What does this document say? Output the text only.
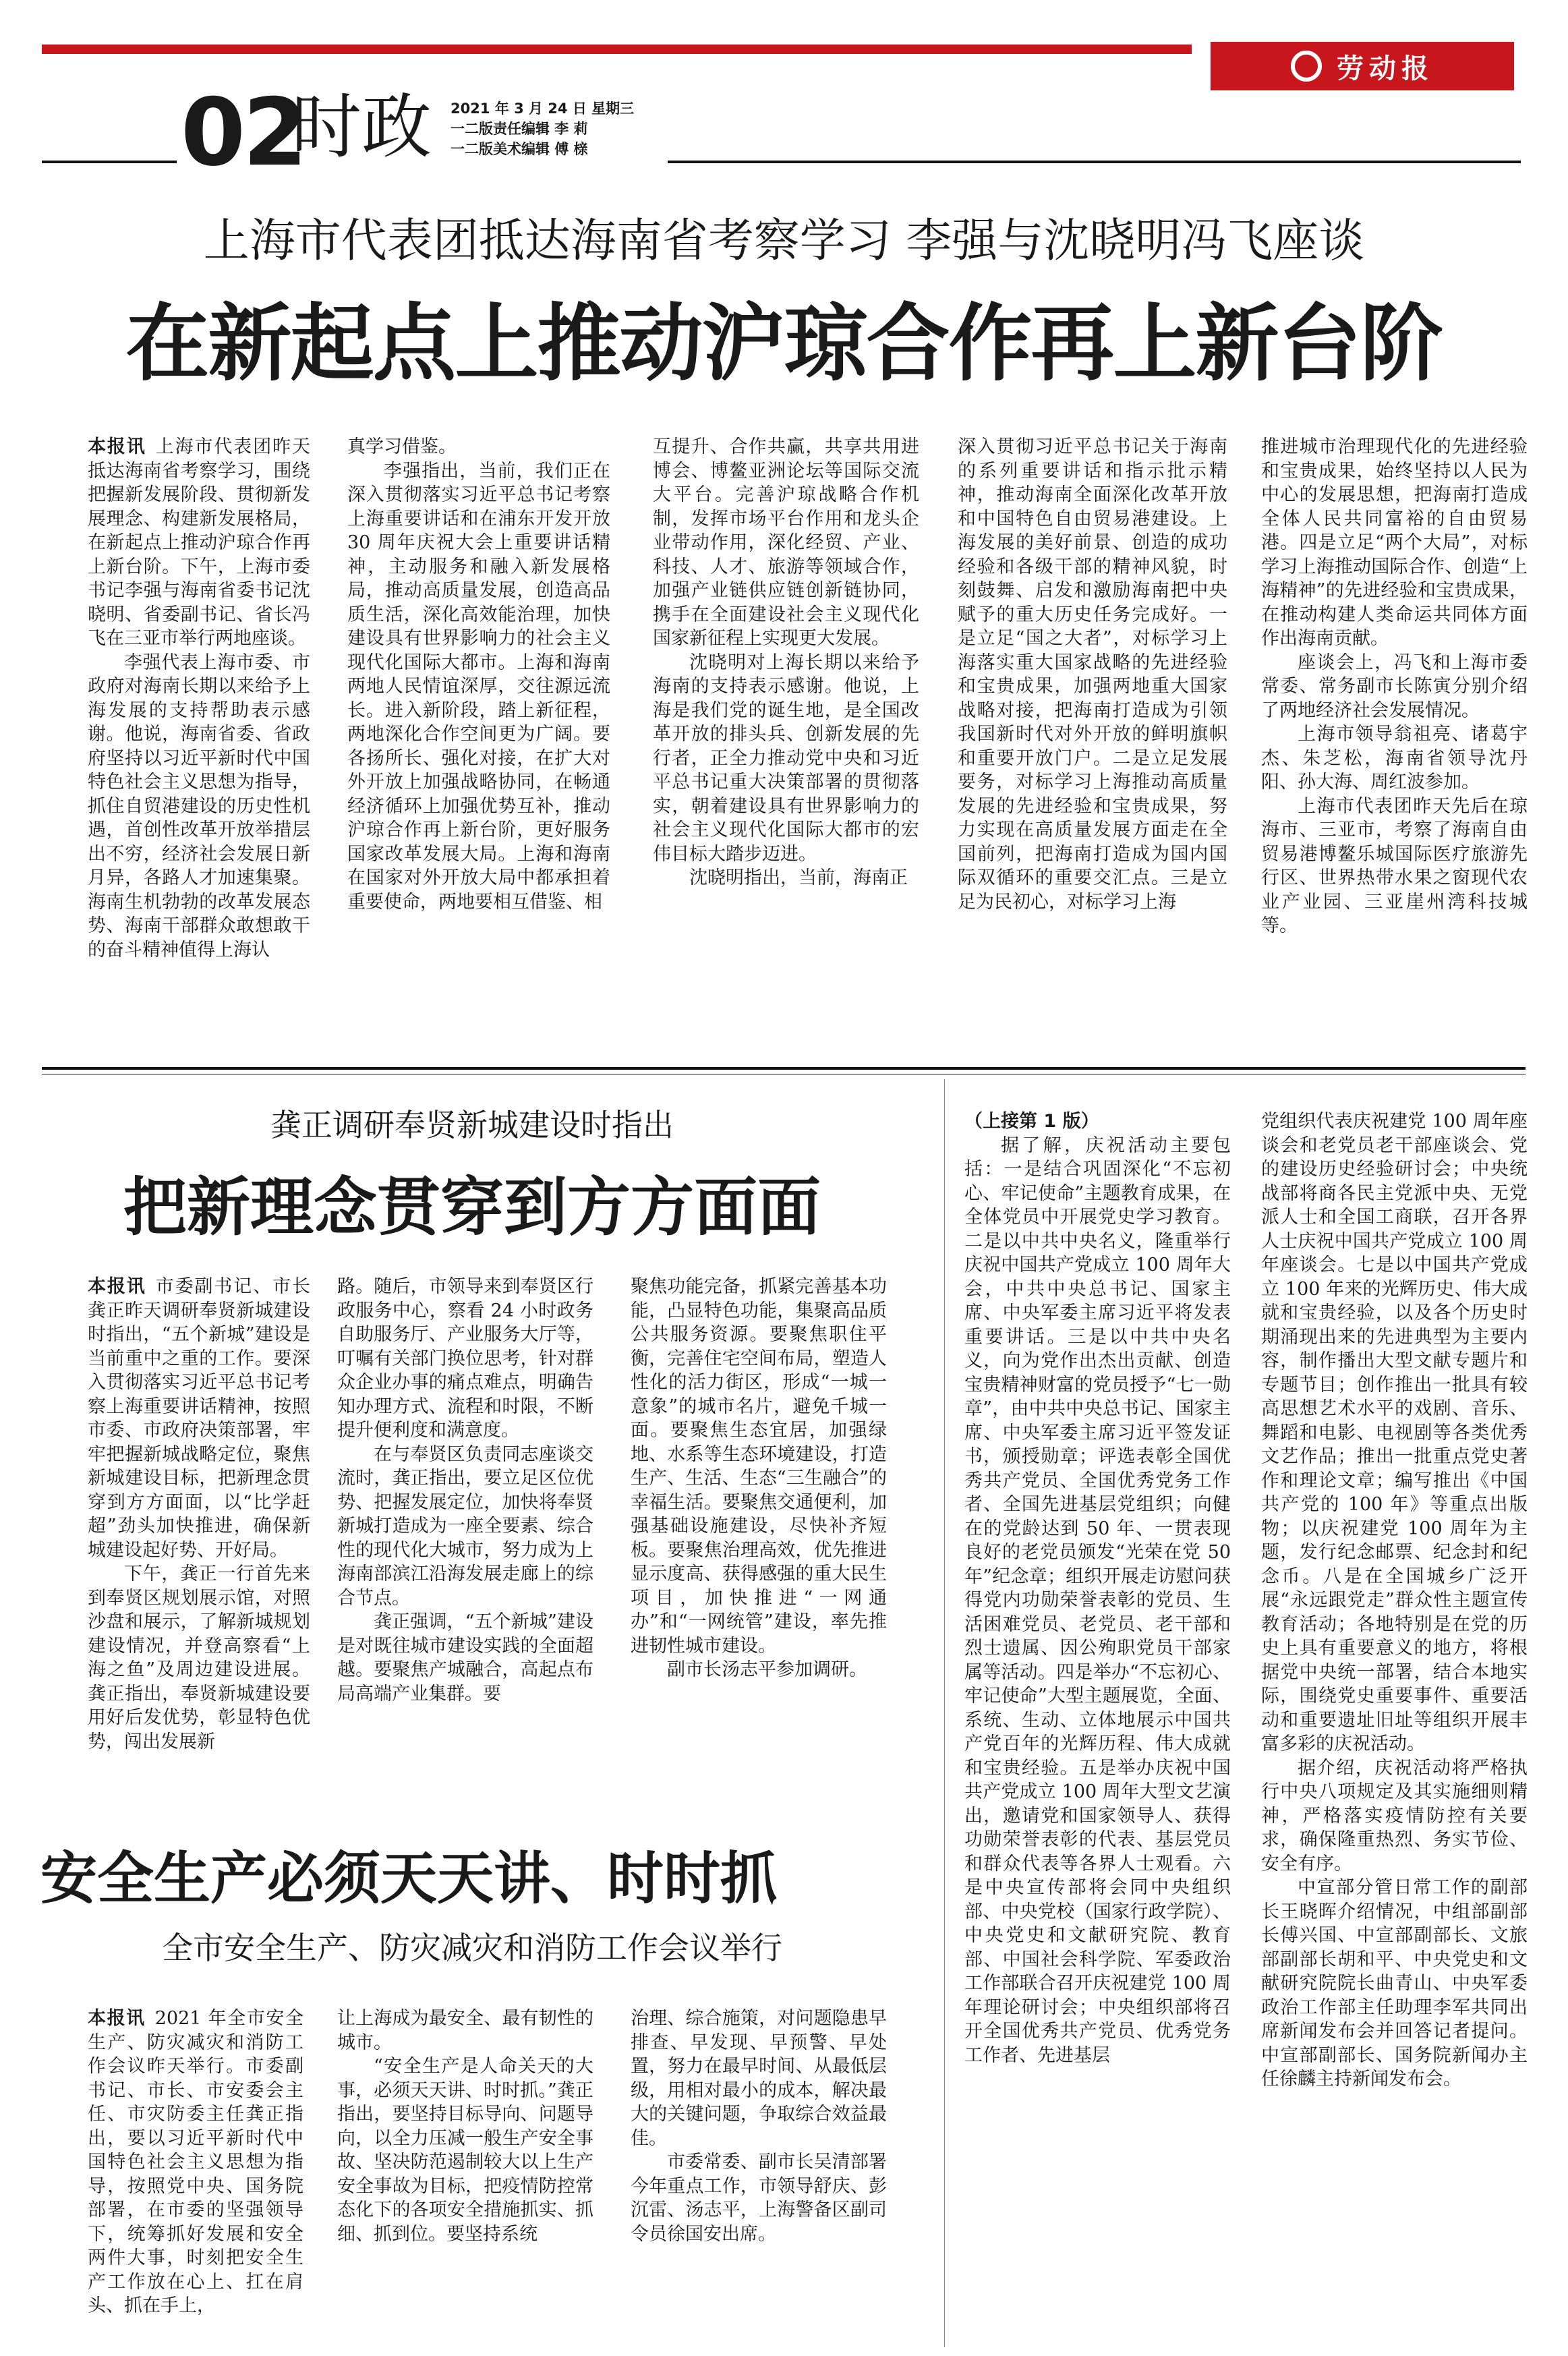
劳动报
02
时政 2021 年 3 月 24 日 星期三
一二版责任编辑 李 莉
一二版美术编辑 傅 榇
上海市代表团抵达海南省考察学习 李强与沈晓明冯飞座谈
在新起点上推动沪琼合作再上新台阶

本报讯 上海市代表团昨天抵达海南省考察学习，围绕把握新发展阶段、贯彻新发展理念、构建新发展格局，在新起点上推动沪琼合作再上新台阶。下午，上海市委书记李强与海南省委书记沈晓明、省委副书记、省长冯飞在三亚市举行两地座谈。

李强代表上海市委、市政府对海南长期以来给予上海发展的支持帮助表示感谢。他说，海南省委、省政府坚持以习近平新时代中国特色社会主义思想为指导，抓住自贸港建设的历史性机遇，首创性改革开放举措层出不穷，经济社会发展日新月异，各路人才加速集聚。海南生机勃勃的改革发展态势、海南干部群众敢想敢干的奋斗精神值得上海认

真学习借鉴。

李强指出，当前，我们正在深入贯彻落实习近平总书记考察上海重要讲话和在浦东开发开放 30 周年庆祝大会上重要讲话精神，主动服务和融入新发展格局，推动高质量发展，创造高品质生活，深化高效能治理，加快建设具有世界影响力的社会主义现代化国际大都市。上海和海南两地人民情谊深厚，交往源远流长。进入新阶段，踏上新征程，两地深化合作空间更为广阔。要各扬所长、强化对接，在扩大对外开放上加强战略协同，在畅通经济循环上加强优势互补，推动沪琼合作再上新台阶，更好服务国家改革发展大局。上海和海南在国家对外开放大局中都承担着重要使命，两地要相互借鉴、相

互提升、合作共赢，共享共用进博会、博鳌亚洲论坛等国际交流大平台。完善沪琼战略合作机制，发挥市场平台作用和龙头企业带动作用，深化经贸、产业、科技、人才、旅游等领域合作，加强产业链供应链创新链协同，携手在全面建设社会主义现代化国家新征程上实现更大发展。

沈晓明对上海长期以来给予海南的支持表示感谢。他说，上海是我们党的诞生地，是全国改革开放的排头兵、创新发展的先行者，正全力推动党中央和习近平总书记重大决策部署的贯彻落实，朝着建设具有世界影响力的社会主义现代化国际大都市的宏伟目标大踏步迈进。

沈晓明指出，当前，海南正

深入贯彻习近平总书记关于海南的系列重要讲话和指示批示精神，推动海南全面深化改革开放和中国特色自由贸易港建设。上海发展的美好前景、创造的成功经验和各级干部的精神风貌，时刻鼓舞、启发和激励海南把中央赋予的重大历史任务完成好。一是立足“国之大者”，对标学习上海落实重大国家战略的先进经验和宝贵成果，加强两地重大国家战略对接，把海南打造成为引领我国新时代对外开放的鲜明旗帜和重要开放门户。二是立足发展要务，对标学习上海推动高质量发展的先进经验和宝贵成果，努力实现在高质量发展方面走在全国前列，把海南打造成为国内国际双循环的重要交汇点。三是立足为民初心，对标学习上海

推进城市治理现代化的先进经验和宝贵成果，始终坚持以人民为中心的发展思想，把海南打造成全体人民共同富裕的自由贸易港。四是立足“两个大局”，对标学习上海推动国际合作、创造“上海精神”的先进经验和宝贵成果，在推动构建人类命运共同体方面作出海南贡献。

座谈会上，冯飞和上海市委常委、常务副市长陈寅分别介绍了两地经济社会发展情况。

上海市领导翁祖亮、诸葛宇杰、朱芝松，海南省领导沈丹阳、孙大海、周红波参加。

上海市代表团昨天先后在琼海市、三亚市，考察了海南自由贸易港博鳌乐城国际医疗旅游先行区、世界热带水果之窗现代农业产业园、三亚崖州湾科技城等。

龚正调研奉贤新城建设时指出
把新理念贯穿到方方面面

本报讯 市委副书记、市长龚正昨天调研奉贤新城建设时指出，“五个新城”建设是当前重中之重的工作。要深入贯彻落实习近平总书记考察上海重要讲话精神，按照市委、市政府决策部署，牢牢把握新城战略定位，聚焦新城建设目标，把新理念贯穿到方方面面，以“比学赶超”劲头加快推进，确保新城建设起好势、开好局。

下午，龚正一行首先来到奉贤区规划展示馆，对照沙盘和展示，了解新城规划建设情况，并登高察看“上海之鱼”及周边建设进展。龚正指出，奉贤新城建设要用好后发优势，彰显特色优势，闯出发展新

路。随后，市领导来到奉贤区行政服务中心，察看 24 小时政务自助服务厅、产业服务大厅等，叮嘱有关部门换位思考，针对群众企业办事的痛点难点，明确告知办理方式、流程和时限，不断提升便利度和满意度。

在与奉贤区负责同志座谈交流时，龚正指出，要立足区位优势、把握发展定位，加快将奉贤新城打造成为一座全要素、综合性的现代化大城市，努力成为上海南部滨江沿海发展走廊上的综合节点。

龚正强调，“五个新城”建设是对既往城市建设实践的全面超越。要聚焦产城融合，高起点布局高端产业集群。要

聚焦功能完备，抓紧完善基本功能，凸显特色功能，集聚高品质公共服务资源。要聚焦职住平衡，完善住宅空间布局，塑造人性化的活力街区，形成“一城一意象”的城市名片，避免千城一面。要聚焦生态宜居，加强绿地、水系等生态环境建设，打造生产、生活、生态“三生融合”的幸福生活。要聚焦交通便利，加强基础设施建设，尽快补齐短板。要聚焦治理高效，优先推进显示度高、获得感强的重大民生项目，加快推进“一网通办”和“一网统管”建设，率先推进韧性城市建设。

副市长汤志平参加调研。

安全生产必须天天讲、时时抓
全市安全生产、防灾减灾和消防工作会议举行

本报讯 2021 年全市安全生产、防灾减灾和消防工作会议昨天举行。市委副书记、市长、市安委会主任、市灾防委主任龚正指出，要以习近平新时代中国特色社会主义思想为指导，按照党中央、国务院部署，在市委的坚强领导下，统筹抓好发展和安全两件大事，时刻把安全生产工作放在心上、扛在肩头、抓在手上，

让上海成为最安全、最有韧性的城市。

“安全生产是人命关天的大事，必须天天讲、时时抓。”龚正指出，要坚持目标导向、问题导向，以全力压减一般生产安全事故、坚决防范遏制较大以上生产安全事故为目标，把疫情防控常态化下的各项安全措施抓实、抓细、抓到位。要坚持系统

治理、综合施策，对问题隐患早排查、早发现、早预警、早处置，努力在最早时间、从最低层级，用相对最小的成本，解决最大的关键问题，争取综合效益最佳。

市委常委、副市长吴清部署今年重点工作，市领导舒庆、彭沉雷、汤志平，上海警备区副司令员徐国安出席。

（上接第 1 版）

据了解，庆祝活动主要包括：一是结合巩固深化“不忘初心、牢记使命”主题教育成果，在全体党员中开展党史学习教育。二是以中共中央名义，隆重举行庆祝中国共产党成立 100 周年大会，中共中央总书记、国家主席、中央军委主席习近平将发表重要讲话。三是以中共中央名义，向为党作出杰出贡献、创造宝贵精神财富的党员授予“七一勋章”，由中共中央总书记、国家主席、中央军委主席习近平签发证书，颁授勋章；评选表彰全国优秀共产党员、全国优秀党务工作者、全国先进基层党组织；向健在的党龄达到 50 年、一贯表现良好的老党员颁发“光荣在党 50 年”纪念章；组织开展走访慰问获得党内功勋荣誉表彰的党员、生活困难党员、老党员、老干部和烈士遗属、因公殉职党员干部家属等活动。四是举办“不忘初心、牢记使命”大型主题展览，全面、系统、生动、立体地展示中国共产党百年的光辉历程、伟大成就和宝贵经验。五是举办庆祝中国共产党成立 100 周年大型文艺演出，邀请党和国家领导人、获得功勋荣誉表彰的代表、基层党员和群众代表等各界人士观看。六是中央宣传部将会同中央组织部、中央党校（国家行政学院）、中央党史和文献研究院、教育部、中国社会科学院、军委政治工作部联合召开庆祝建党 100 周年理论研讨会；中央组织部将召开全国优秀共产党员、优秀党务工作者、先进基层

党组织代表庆祝建党 100 周年座谈会和老党员老干部座谈会、党的建设历史经验研讨会；中央统战部将商各民主党派中央、无党派人士和全国工商联，召开各界人士庆祝中国共产党成立 100 周年座谈会。七是以中国共产党成立 100 年来的光辉历史、伟大成就和宝贵经验，以及各个历史时期涌现出来的先进典型为主要内容，制作播出大型文献专题片和专题节目；创作推出一批具有较高思想艺术水平的戏剧、音乐、舞蹈和电影、电视剧等各类优秀文艺作品；推出一批重点党史著作和理论文章；编写推出《中国共产党的 100 年》等重点出版物；以庆祝建党 100 周年为主题，发行纪念邮票、纪念封和纪念币。八是在全国城乡广泛开展“永远跟党走”群众性主题宣传教育活动；各地特别是在党的历史上具有重要意义的地方，将根据党中央统一部署，结合本地实际，围绕党史重要事件、重要活动和重要遗址旧址等组织开展丰富多彩的庆祝活动。

据介绍，庆祝活动将严格执行中央八项规定及其实施细则精神，严格落实疫情防控有关要求，确保隆重热烈、务实节俭、安全有序。

中宣部分管日常工作的副部长王晓晖介绍情况，中组部副部长傅兴国、中宣部副部长、文旅部副部长胡和平、中央党史和文献研究院院长曲青山、中央军委政治工作部主任助理李军共同出席新闻发布会并回答记者提问。中宣部副部长、国务院新闻办主任徐麟主持新闻发布会。
